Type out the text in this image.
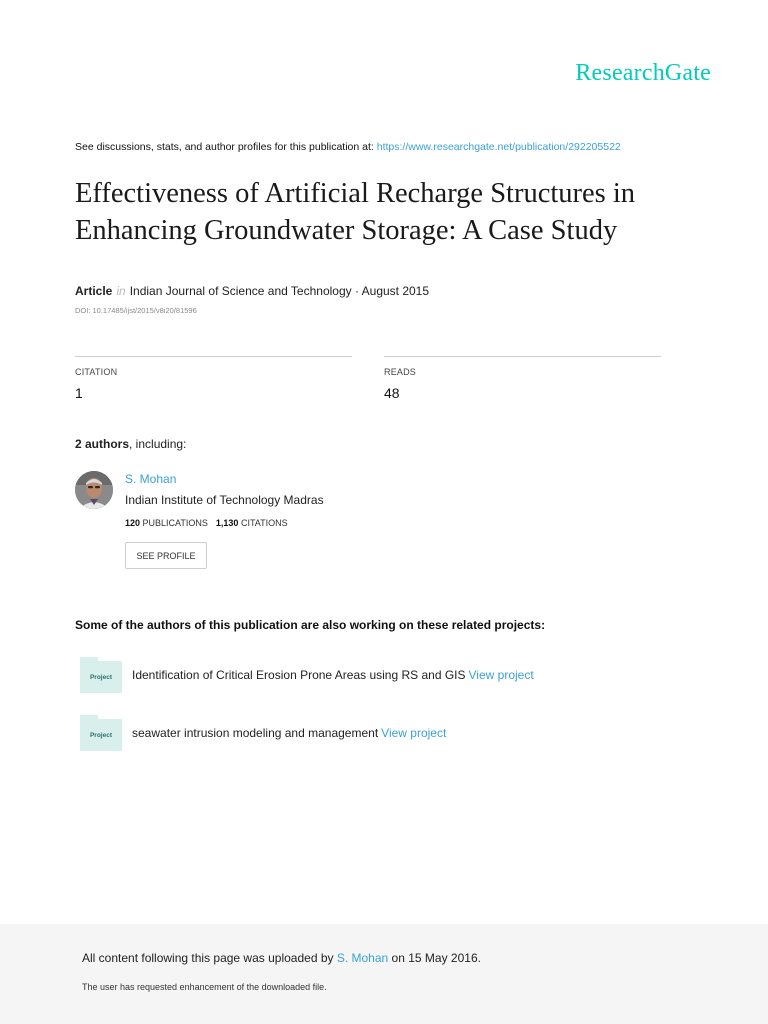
ResearchGate
See discussions, stats, and author profiles for this publication at: https://www.researchgate.net/publication/292205522
Effectiveness of Artificial Recharge Structures in Enhancing Groundwater Storage: A Case Study
Article in Indian Journal of Science and Technology · August 2015
DOI: 10.17485/ijst/2015/v8i20/81596
CITATION
1
READS
48
2 authors, including:
S. Mohan
Indian Institute of Technology Madras
120 PUBLICATIONS 1,130 CITATIONS
SEE PROFILE
Some of the authors of this publication are also working on these related projects:
Project Identification of Critical Erosion Prone Areas using RS and GIS View project
Project seawater intrusion modeling and management View project
All content following this page was uploaded by S. Mohan on 15 May 2016.
The user has requested enhancement of the downloaded file.
